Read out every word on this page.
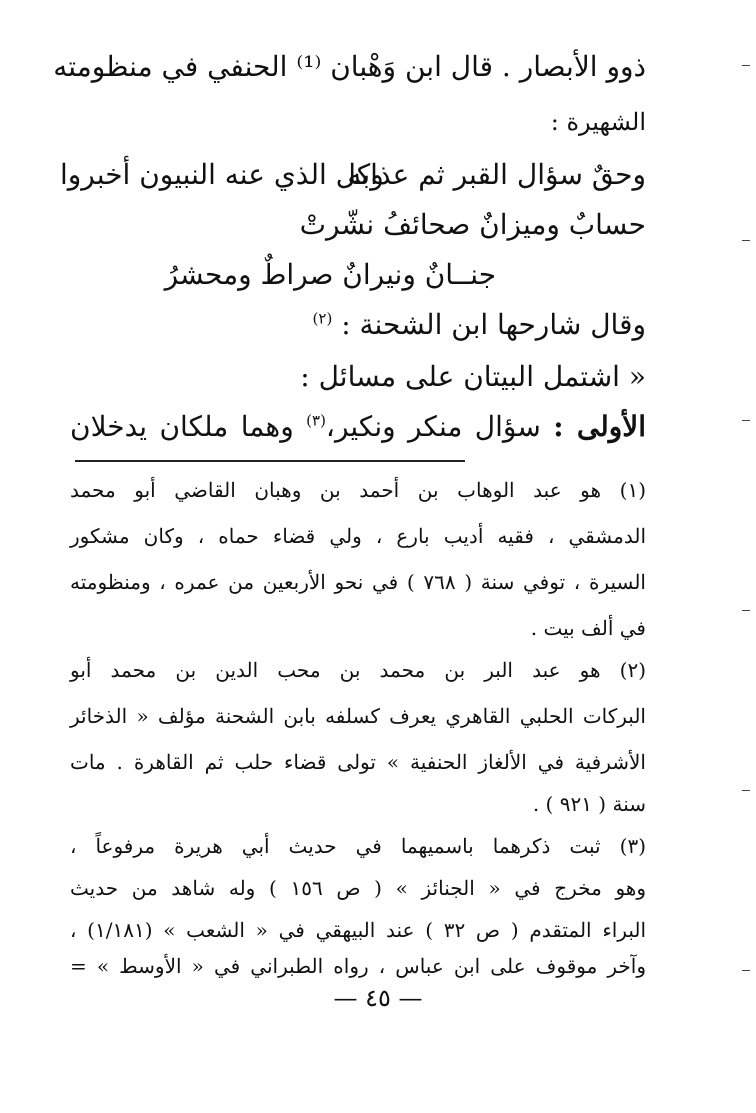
ذوو الأبصار . قال ابن وَهْبان ⁽¹⁾ الحنفي في منظومته
الشهيرة :
وحقٌ سؤال القبر ثم عذابه
وكل الذي عنه النبيون أخبروا
حسابٌ وميزانٌ صحائفُ نشّرتْ
جنــانٌ ونيرانٌ صراطٌ ومحشرُ
وقال شارحها ابن الشحنة : $^{(٢)}$
« اشتمل البيتان على مسائل :
الأولى : سؤال منكر ونكير،$^{(٣)}$ وهما ملكان يدخلان
(١) هو عبد الوهاب بن أحمد بن وهبان القاضي أبو محمد
الدمشقي ، فقيه أديب بارع ، ولي قضاء حماه ، وكان مشكور
السيرة ، توفي سنة ( ٧٦٨ ) في نحو الأربعين من عمره ، ومنظومته
في ألف بيت .
(٢) هو عبد البر بن محمد بن محب الدين بن محمد أبو
البركات الحلبي القاهري يعرف كسلفه بابن الشحنة مؤلف « الذخائر
الأشرفية في الألغاز الحنفية » تولى قضاء حلب ثم القاهرة . مات
سنة ( ٩٢١ ) .
(٣) ثبت ذكرهما باسميهما في حديث أبي هريرة مرفوعاً ،
وهو مخرج في « الجنائز » ( ص ١٥٦ ) وله شاهد من حديث
البراء المتقدم ( ص ٣٢ ) عند البيهقي في « الشعب » (١/١٨١) ،
وآخر موقوف على ابن عباس ، رواه الطبراني في « الأوسط » =
— ٤٥ —
